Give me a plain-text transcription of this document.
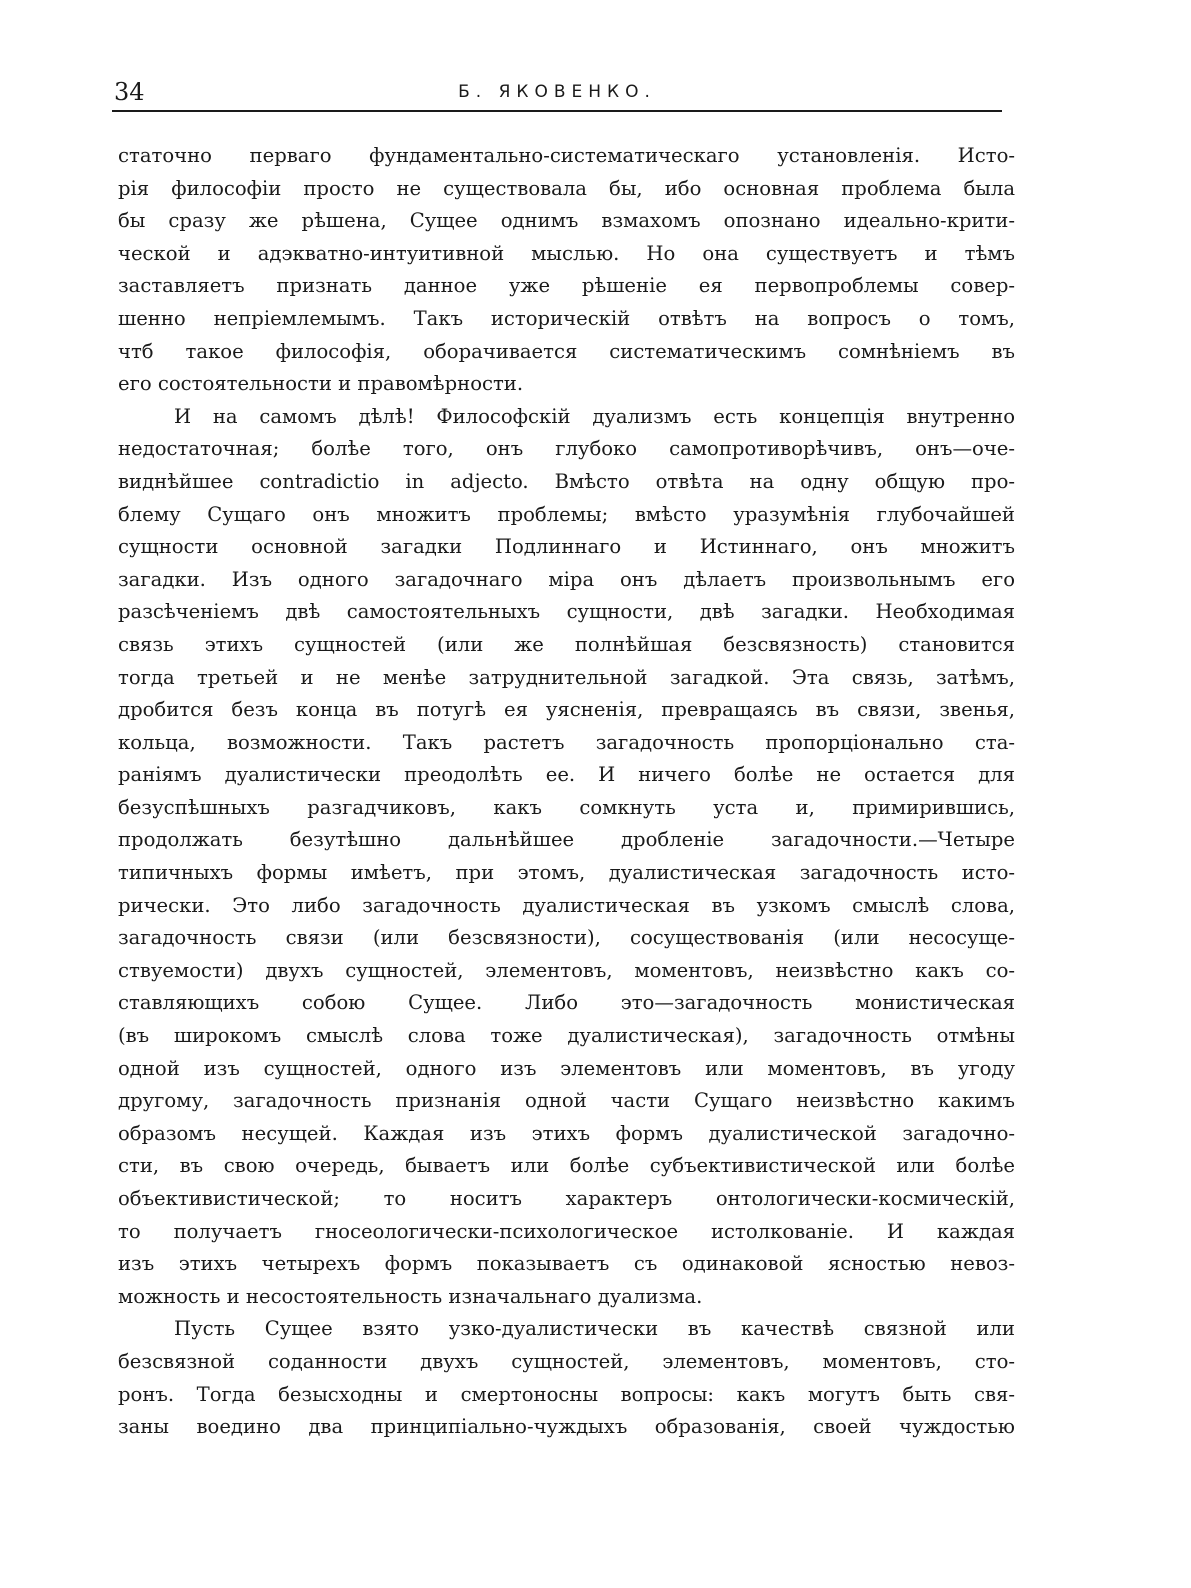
34	Б. ЯКОВЕНКО.
статочно перваго фундаментально-систематическаго установленія. Исто-
рія философіи просто не существовала бы, ибо основная проблема была
бы сразу же рѣшена, Сущее однимъ взмахомъ опознано идеально-крити-
ческой и адэкватно-интуитивной мыслью. Но она существуетъ и тѣмъ
заставляетъ признать данное уже рѣшеніе ея первопроблемы совер-
шенно непріемлемымъ. Такъ историческій отвѣтъ на вопросъ о томъ,
чтб такое философія, оборачивается систематическимъ сомнѣніемъ въ
его состоятельности и правомѣрности.
И на самомъ дѣлѣ! Философскій дуализмъ есть концепція внутренно
недостаточная; болѣе того, онъ глубоко самопротиворѣчивъ, онъ—оче-
виднѣйшее contradictio in adjecto. Вмѣсто отвѣта на одну общую про-
блему Сущаго онъ множитъ проблемы; вмѣсто уразумѣнія глубочайшей
сущности основной загадки Подлиннаго и Истиннаго, онъ множитъ
загадки. Изъ одного загадочнаго міра онъ дѣлаетъ произвольнымъ его
разсѣченіемъ двѣ самостоятельныхъ сущности, двѣ загадки. Необходимая
связь этихъ сущностей (или же полнѣйшая безсвязность) становится
тогда третьей и не менѣе затруднительной загадкой. Эта связь, затѣмъ,
дробится безъ конца въ потугѣ ея уясненія, превращаясь въ связи, звенья,
кольца, возможности. Такъ растетъ загадочность пропорціонально ста-
раніямъ дуалистически преодолѣть ее. И ничего болѣе не остается для
безуспѣшныхъ разгадчиковъ, какъ сомкнуть уста и, примирившись,
продолжать безутѣшно дальнѣйшее дробленіе загадочности.—Четыре
типичныхъ формы имѣетъ, при этомъ, дуалистическая загадочность исто-
рически. Это либо загадочность дуалистическая въ узкомъ смыслѣ слова,
загадочность связи (или безсвязности), сосуществованія (или несосуще-
ствуемости) двухъ сущностей, элементовъ, моментовъ, неизвѣстно какъ со-
ставляющихъ собою Сущее. Либо это—загадочность монистическая
(въ широкомъ смыслѣ слова тоже дуалистическая), загадочность отмѣны
одной изъ сущностей, одного изъ элементовъ или моментовъ, въ угоду
другому, загадочность признанія одной части Сущаго неизвѣстно какимъ
образомъ несущей. Каждая изъ этихъ формъ дуалистической загадочно-
сти, въ свою очередь, бываетъ или болѣе субъективистической или болѣе
объективистической; то носитъ характеръ онтологически-космическій,
то получаетъ гносеологически-психологическое истолкованіе. И каждая
изъ этихъ четырехъ формъ показываетъ съ одинаковой ясностью невоз-
можность и несостоятельность изначальнаго дуализма.
Пусть Сущее взято узко-дуалистически въ качествѣ связной или
безсвязной соданности двухъ сущностей, элементовъ, моментовъ, сто-
ронъ. Тогда безысходны и смертоносны вопросы: какъ могутъ быть свя-
заны воедино два принципіально-чуждыхъ образованія, своей чуждостью
